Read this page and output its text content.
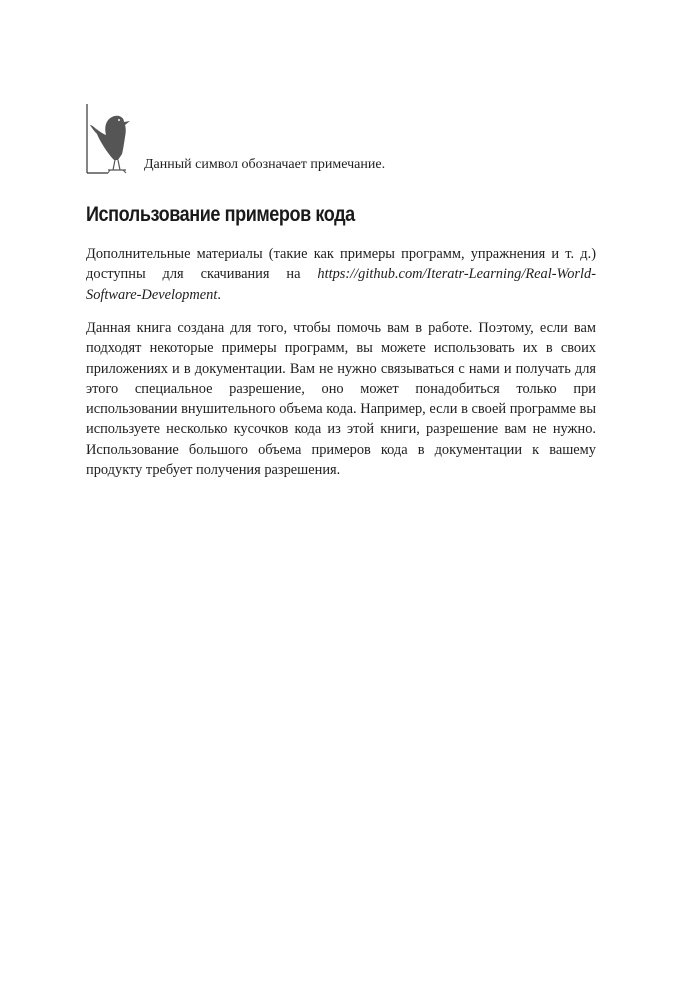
Данный символ обозначает примечание.
Использование примеров кода

Дополнительные материалы (такие как примеры программ, упражнения и т. д.) доступны для скачивания на https://github.com/Iteratr-Learning/Real-World-Software-Development.

Данная книга создана для того, чтобы помочь вам в работе. Поэтому, если вам подходят некоторые примеры программ, вы можете использовать их в своих приложениях и в документации. Вам не нужно связываться с нами и получать для этого специальное разрешение, оно может понадобиться только при использовании внушительного объема кода. Например, если в своей программе вы используете несколько кусочков кода из этой книги, разрешение вам не нужно. Использование большого объема примеров кода в документации к вашему продукту требует получения разрешения.
